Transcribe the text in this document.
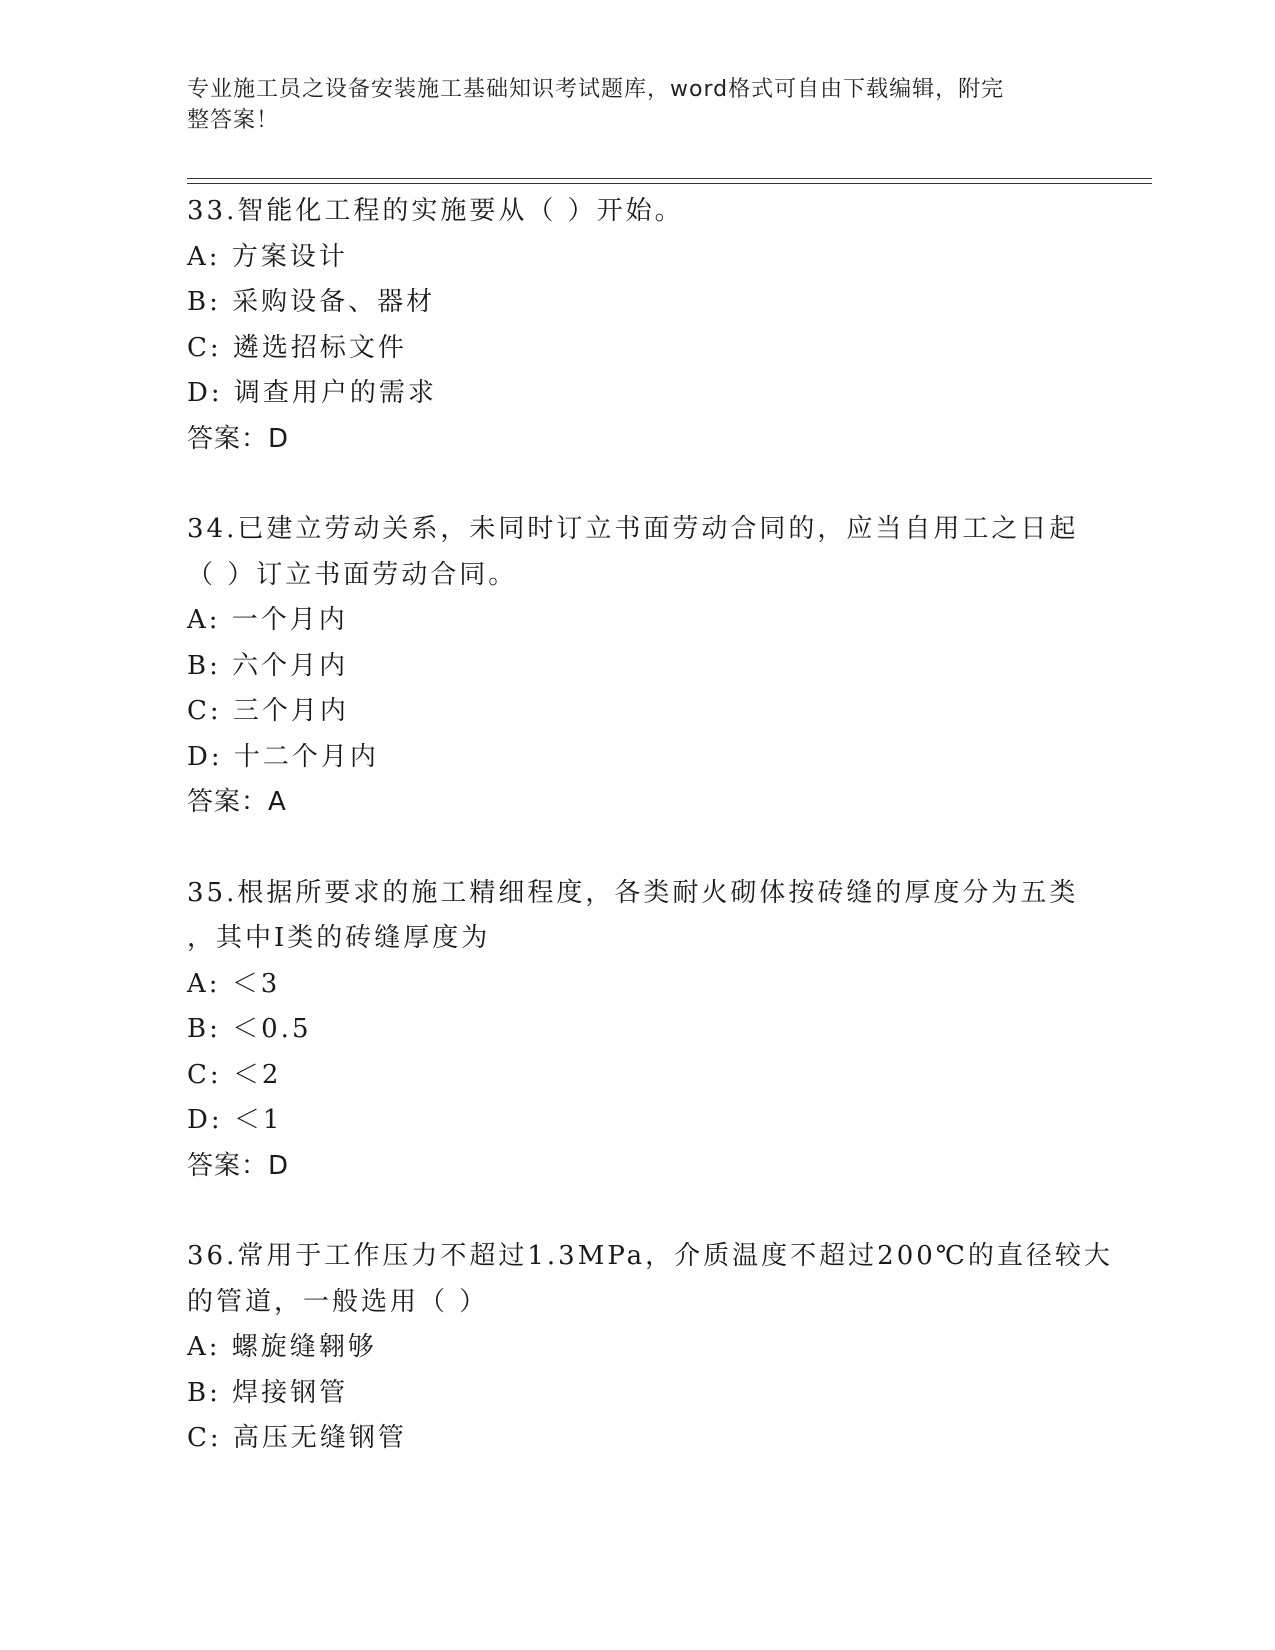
专业施工员之设备安装施工基础知识考试题库，word格式可自由下载编辑，附完
整答案！
33.智能化工程的实施要从（ ）开始。
A: 方案设计
B: 采购设备、器材
C: 遴选招标文件
D: 调查用户的需求
答案：D
34.已建立劳动关系，未同时订立书面劳动合同的，应当自用工之日起
（ ）订立书面劳动合同。
A: 一个月内
B: 六个月内
C: 三个月内
D: 十二个月内
答案：A
35.根据所要求的施工精细程度，各类耐火砌体按砖缝的厚度分为五类
，其中Ⅰ类的砖缝厚度为
A: ＜3
B: ＜0.5
C: ＜2
D: ＜1
答案：D
36.常用于工作压力不超过1.3MPa，介质温度不超过200℃的直径较大
的管道，一般选用（ ）
A: 螺旋缝翱够
B: 焊接钢管
C: 高压无缝钢管
